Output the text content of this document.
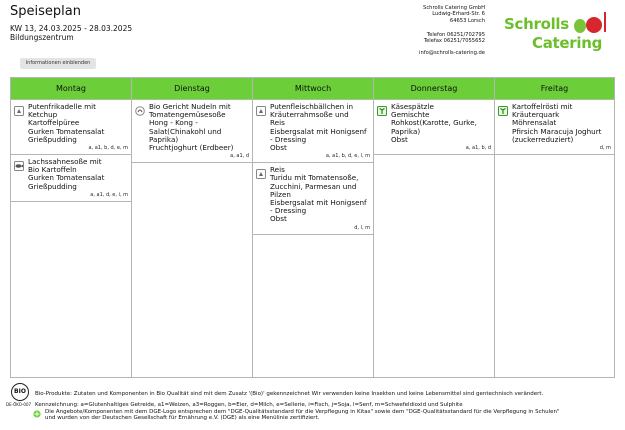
Speiseplan
KW 13, 24.03.2025 - 28.03.2025
Bildungszentrum
Informationen einblenden
Schrolls Catering GmbH
Ludwig-Erhard-Str. 6
64653 Lorsch
Telefon 06251/702795
Telefax 06251/7055652
info@schrolls-catering.de
Schrolls
Catering
Montag
Putenfrikadelle mit
Ketchup
Kartoffelpüree
Gurken Tomatensalat
Grießpudding
a, a1, b, d, e, m
Lachssahnesoße mit
Bio Kartoffeln
Gurken Tomatensalat
Grießpudding
a, a1, d, e, i, m
Dienstag
Bio Gericht Nudeln mit
Tomatengemüsesoße
Hong - Kong -
Salat(Chinakohl und
Paprika)
Fruchtjoghurt (Erdbeer)
a, a1, d
Mittwoch
Putenfleischbällchen in
Kräuterrahmsoße und
Reis
Eisbergsalat mit Honigsenf
- Dressing
Obst
a, a1, b, d, e, l, m
Reis
Turidu mit Tomatensoße,
Zucchini, Parmesan und
Pilzen
Eisbergsalat mit Honigsenf
- Dressing
Obst
d, l, m
Donnerstag
Käsespätzle
Gemischte
Rohkost(Karotte, Gurke,
Paprika)
Obst
a, a1, b, d
Freitag
Kartoffelrösti mit
Kräuterquark
Möhrensalat
Pfirsich Maracuja Joghurt
(zuckerreduziert)
d, m
BIO
DE-ÖKO-007
Bio-Produkte: Zutaten und Komponenten in Bio Qualität sind mit dem Zusatz '(Bio)' gekennzeichnet Wir verwenden keine Insekten und keine Lebensmittel sind gentechnisch verändert.
Kennzeichnung: a=Glutenhaltiges Getreide, a1=Weizen, a3=Roggen, b=Eier, d=Milch, e=Sellerie, i=Fisch, j=Soja, l=Senf, m=Schwefeldioxid und Sulphite
Die Angebote/Komponenten mit dem DGE-Logo entsprechen dem "DGE-Qualitätsstandard für die Verpflegung in Kitas" sowie dem "DGE-Qualitätsstandard für die Verpflegung in Schulen"
und wurden von der Deutschen Gesellschaft für Ernährung e.V. (DGE) als eine Menülinie zertifiziert.
